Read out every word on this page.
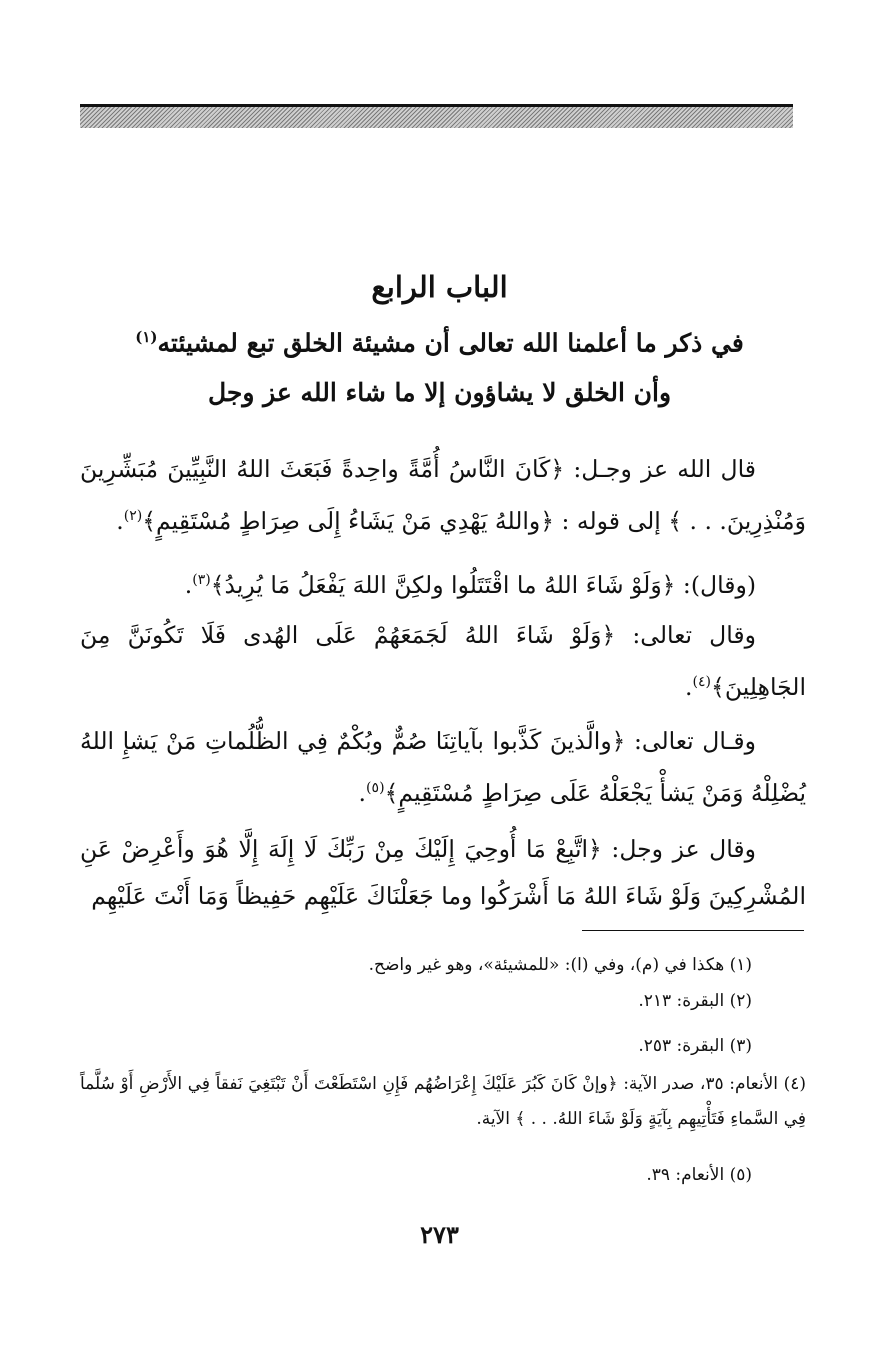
الباب الرابع
في ذكر ما أعلمنا الله تعالى أن مشيئة الخلق تبع لمشيئته$^{(١)}$
وأن الخلق لا يشاؤون إلا ما شاء الله عز وجل
قال الله عز وجـل: ﴿كَانَ النَّاسُ أُمَّةً واحِدةً فَبَعَثَ اللهُ النَّبِيِّينَ مُبَشِّرِينَ وَمُنْذِرِينَ. . . ﴾ إلى قوله : ﴿واللهُ يَهْدِي مَنْ يَشَاءُ إِلَى صِرَاطٍ مُسْتَقِيمٍ﴾$^{(٢)}$.
(وقال): ﴿وَلَوْ شَاءَ اللهُ ما اقْتَتَلُوا ولكِنَّ اللهَ يَفْعَلُ مَا يُرِيدُ﴾$^{(٣)}$.
وقال تعالى: ﴿وَلَوْ شَاءَ اللهُ لَجَمَعَهُمْ عَلَى الهُدى فَلَا تَكُونَنَّ مِنَ الجَاهِلِينَ﴾$^{(٤)}$.
وقـال تعالى: ﴿والَّذينَ كَذَّبوا بآياتِنَا صُمٌّ وبُكْمٌ فِي الظُّلُماتِ مَنْ يَشإِ اللهُ يُضْلِلْهُ وَمَنْ يَشأْ يَجْعَلْهُ عَلَى صِرَاطٍ مُسْتَقِيمٍ﴾$^{(٥)}$.
وقال عز وجل: ﴿اتَّبِعْ مَا أُوحِيَ إِلَيْكَ مِنْ رَبِّكَ لَا إِلَهَ إِلَّا هُوَ وأَعْرِضْ عَنِ المُشْرِكِينَ وَلَوْ شَاءَ اللهُ مَا أَشْرَكُوا وما جَعَلْنَاكَ عَلَيْهِم حَفِيظاً وَمَا أَنْتَ عَلَيْهِم
(١) هكذا في (م)، وفي (ا): «للمشيئة»، وهو غير واضح.
(٢) البقرة: ٢١٣.
(٣) البقرة: ٢٥٣.
(٤) الأنعام: ٣٥، صدر الآية: ﴿وإنْ كَانَ كَبُرَ عَلَيْكَ إِعْرَاضُهُم فَإِنِ اسْتَطَعْتَ أَنْ تَبْتَغِيَ نَفقاً فِي الأَرْضِ أَوْ سُلَّماً فِي السَّماءِ فَتَأْتِيهِم بِآيَةٍ وَلَوْ شَاءَ اللهُ. . . ﴾ الآية.
(٥) الأنعام: ٣٩.
٢٧٣
